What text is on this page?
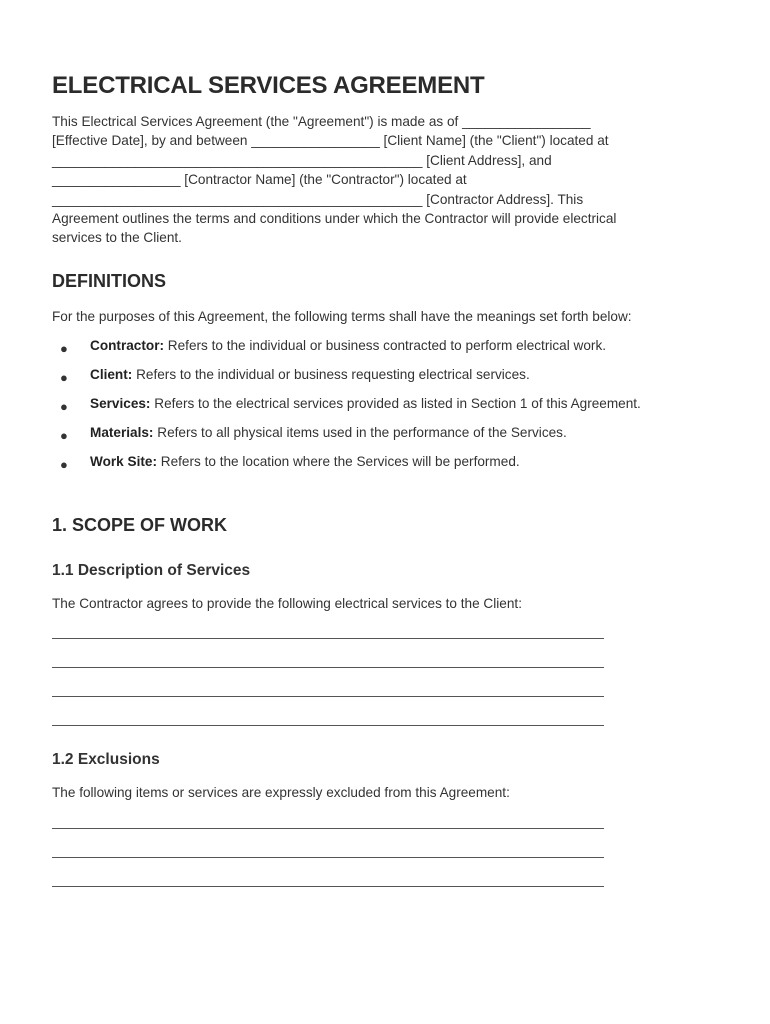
ELECTRICAL SERVICES AGREEMENT
This Electrical Services Agreement (the "Agreement") is made as of _________________
[Effective Date], by and between _________________ [Client Name] (the "Client") located at
_________________________________________________ [Client Address], and
_________________ [Contractor Name] (the "Contractor") located at
_________________________________________________ [Contractor Address]. This
Agreement outlines the terms and conditions under which the Contractor will provide electrical
services to the Client.
DEFINITIONS

For the purposes of this Agreement, the following terms shall have the meanings set forth below:

● Contractor: Refers to the individual or business contracted to perform electrical work.
● Client: Refers to the individual or business requesting electrical services.
● Services: Refers to the electrical services provided as listed in Section 1 of this Agreement.
● Materials: Refers to all physical items used in the performance of the Services.
● Work Site: Refers to the location where the Services will be performed.
1. SCOPE OF WORK
1.1 Description of Services

The Contractor agrees to provide the following electrical services to the Client:

1.2 Exclusions

The following items or services are expressly excluded from this Agreement:
